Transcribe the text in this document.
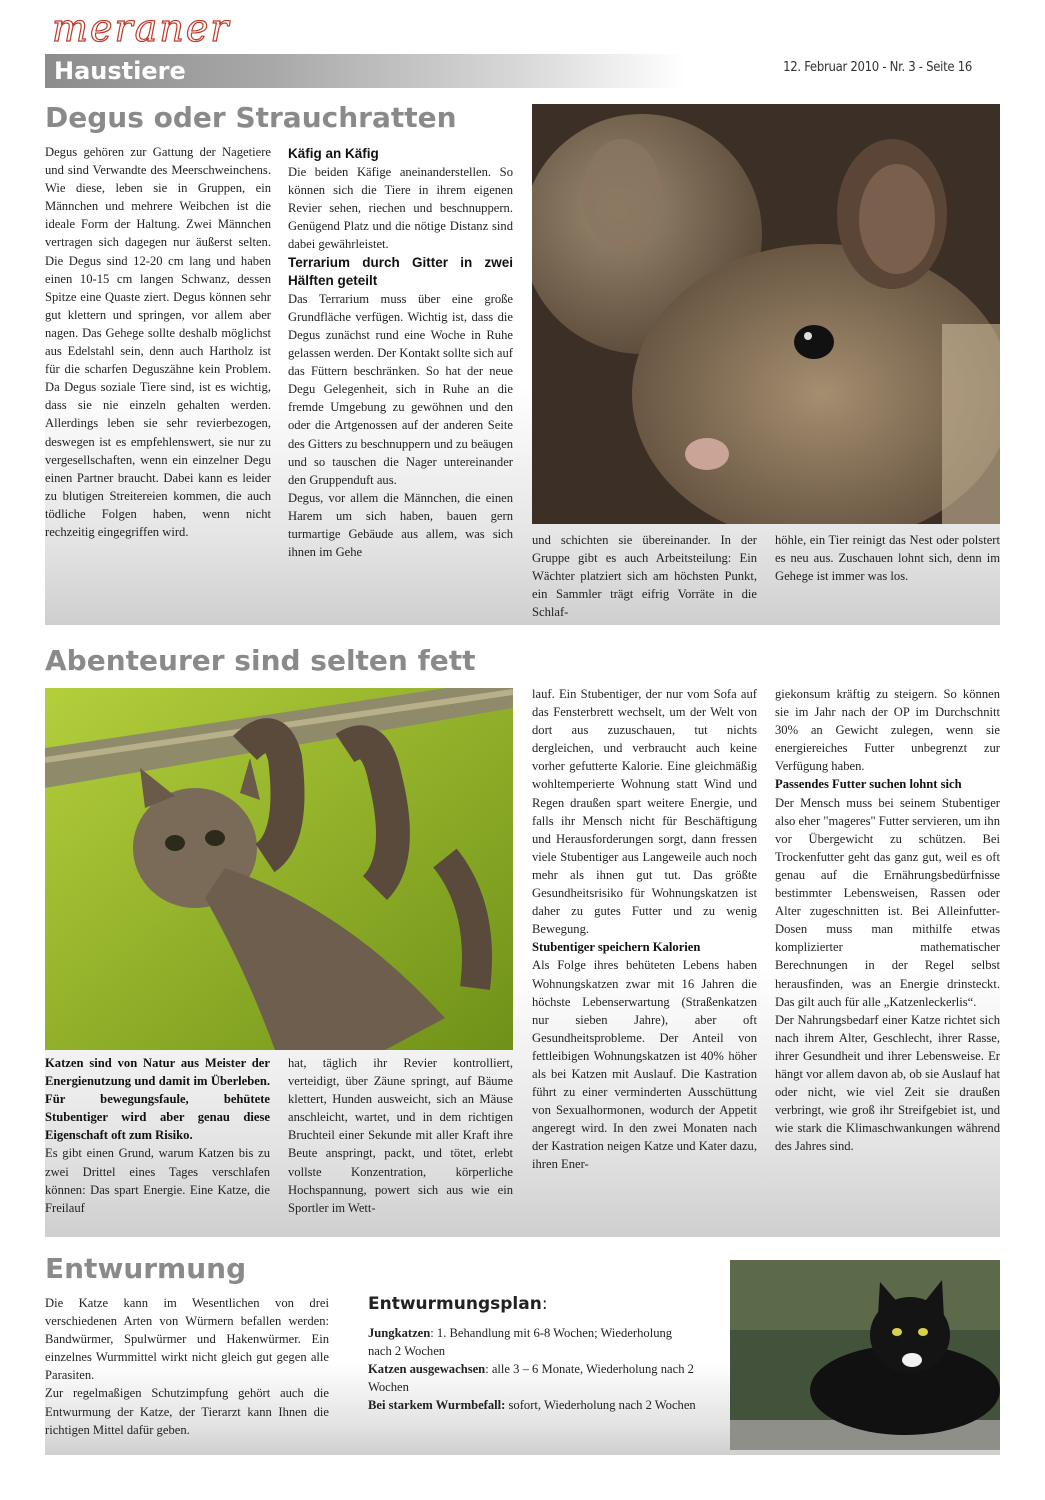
meraner
Haustiere	12. Februar 2010 - Nr. 3 - Seite 16
Degus oder Strauchratten

Degus gehören zur Gattung der Nagetiere und sind Verwandte des Meerschweinchens. Wie diese, leben sie in Gruppen, ein Männchen und mehrere Weibchen ist die ideale Form der Haltung. Zwei Männchen vertragen sich dagegen nur äußerst selten. Die Degus sind 12-20 cm lang und haben einen 10-15 cm langen Schwanz, dessen Spitze eine Quaste ziert. Degus können sehr gut klettern und springen, vor allem aber nagen. Das Gehege sollte deshalb möglichst aus Edelstahl sein, denn auch Hartholz ist für die scharfen Deguszähne kein Problem. Da Degus soziale Tiere sind, ist es wichtig, dass sie nie einzeln gehalten werden. Allerdings leben sie sehr revierbezogen, deswegen ist es empfehlenswert, sie nur zu vergesellschaften, wenn ein einzelner Degu einen Partner braucht. Dabei kann es leider zu blutigen Streitereien kommen, die auch tödliche Folgen haben, wenn nicht rechzeitig eingegriffen wird.

Käfig an Käfig

Die beiden Käfige aneinanderstellen. So können sich die Tiere in ihrem eigenen Revier sehen, riechen und beschnuppern. Genügend Platz und die nötige Distanz sind dabei gewährleistet.

Terrarium durch Gitter in zwei Hälften geteilt

Das Terrarium muss über eine große Grundfläche verfügen. Wichtig ist, dass die Degus zunächst rund eine Woche in Ruhe gelassen werden. Der Kontakt sollte sich auf das Füttern beschränken. So hat der neue Degu Gelegenheit, sich in Ruhe an die fremde Umgebung zu gewöhnen und den oder die Artgenossen auf der anderen Seite des Gitters zu beschnuppern und zu beäugen und so tauschen die Nager untereinander den Gruppenduft aus.

Degus, vor allem die Männchen, die einen Harem um sich haben, bauen gern turmartige Gebäude aus allem, was sich ihnen im Gehe

und schichten sie übereinander. In der Gruppe gibt es auch Arbeitsteilung: Ein Wächter platziert sich am höchsten Punkt, ein Sammler trägt eifrig Vorräte in die Schlaf-

höhle, ein Tier reinigt das Nest oder polstert es neu aus. Zuschauen lohnt sich, denn im Gehege ist immer was los.

Abenteurer sind selten fett

Katzen sind von Natur aus Meister der Energienutzung und damit im Überleben. Für bewegungsfaule, behütete Stubentiger wird aber genau diese Eigenschaft oft zum Risiko.

Es gibt einen Grund, warum Katzen bis zu zwei Drittel eines Tages verschlafen können: Das spart Energie. Eine Katze, die Freilauf

hat, täglich ihr Revier kontrolliert, verteidigt, über Zäune springt, auf Bäume klettert, Hunden ausweicht, sich an Mäuse anschleicht, wartet, und in dem richtigen Bruchteil einer Sekunde mit aller Kraft ihre Beute anspringt, packt, und tötet, erlebt vollste Konzentration, körperliche Hochspannung, powert sich aus wie ein Sportler im Wett-

lauf. Ein Stubentiger, der nur vom Sofa auf das Fensterbrett wechselt, um der Welt von dort aus zuzuschauen, tut nichts dergleichen, und verbraucht auch keine vorher gefutterte Kalorie. Eine gleichmäßig wohltemperierte Wohnung statt Wind und Regen draußen spart weitere Energie, und falls ihr Mensch nicht für Beschäftigung und Herausforderungen sorgt, dann fressen viele Stubentiger aus Langeweile auch noch mehr als ihnen gut tut. Das größte Gesundheitsrisiko für Wohnungskatzen ist daher zu gutes Futter und zu wenig Bewegung.

Stubentiger speichern Kalorien

Als Folge ihres behüteten Lebens haben Wohnungskatzen zwar mit 16 Jahren die höchste Lebenserwartung (Straßenkatzen nur sieben Jahre), aber oft Gesundheitsprobleme. Der Anteil von fettleibigen Wohnungskatzen ist 40% höher als bei Katzen mit Auslauf. Die Kastration führt zu einer verminderten Ausschüttung von Sexualhormonen, wodurch der Appetit angeregt wird. In den zwei Monaten nach der Kastration neigen Katze und Kater dazu, ihren Ener-

giekonsum kräftig zu steigern. So können sie im Jahr nach der OP im Durchschnitt 30% an Gewicht zulegen, wenn sie energiereiches Futter unbegrenzt zur Verfügung haben.

Passendes Futter suchen lohnt sich

Der Mensch muss bei seinem Stubentiger also eher "mageres" Futter servieren, um ihn vor Übergewicht zu schützen. Bei Trockenfutter geht das ganz gut, weil es oft genau auf die Ernährungsbedürfnisse bestimmter Lebensweisen, Rassen oder Alter zugeschnitten ist. Bei Alleinfutter-Dosen muss man mithilfe etwas komplizierter mathematischer Berechnungen in der Regel selbst herausfinden, was an Energie drinsteckt. Das gilt auch für alle „Katzenleckerlis“.

Der Nahrungsbedarf einer Katze richtet sich nach ihrem Alter, Geschlecht, ihrer Rasse, ihrer Gesundheit und ihrer Lebensweise. Er hängt vor allem davon ab, ob sie Auslauf hat oder nicht, wie viel Zeit sie draußen verbringt, wie groß ihr Streifgebiet ist, und wie stark die Klimaschwankungen während des Jahres sind.

Entwurmung

Die Katze kann im Wesentlichen von drei verschiedenen Arten von Würmern befallen werden: Bandwürmer, Spulwürmer und Hakenwürmer. Ein einzelnes Wurmmittel wirkt nicht gleich gut gegen alle Parasiten.

Zur regelmaßigen Schutzimpfung gehört auch die Entwurmung der Katze, der Tierarzt kann Ihnen die richtigen Mittel dafür geben.

Entwurmungsplan:
Jungkatzen: 1. Behandlung mit 6-8 Wochen; Wiederholung nach 2 Wochen
Katzen ausgewachsen: alle 3 – 6 Monate, Wiederholung nach 2 Wochen
Bei starkem Wurmbefall: sofort, Wiederholung nach 2 Wochen
